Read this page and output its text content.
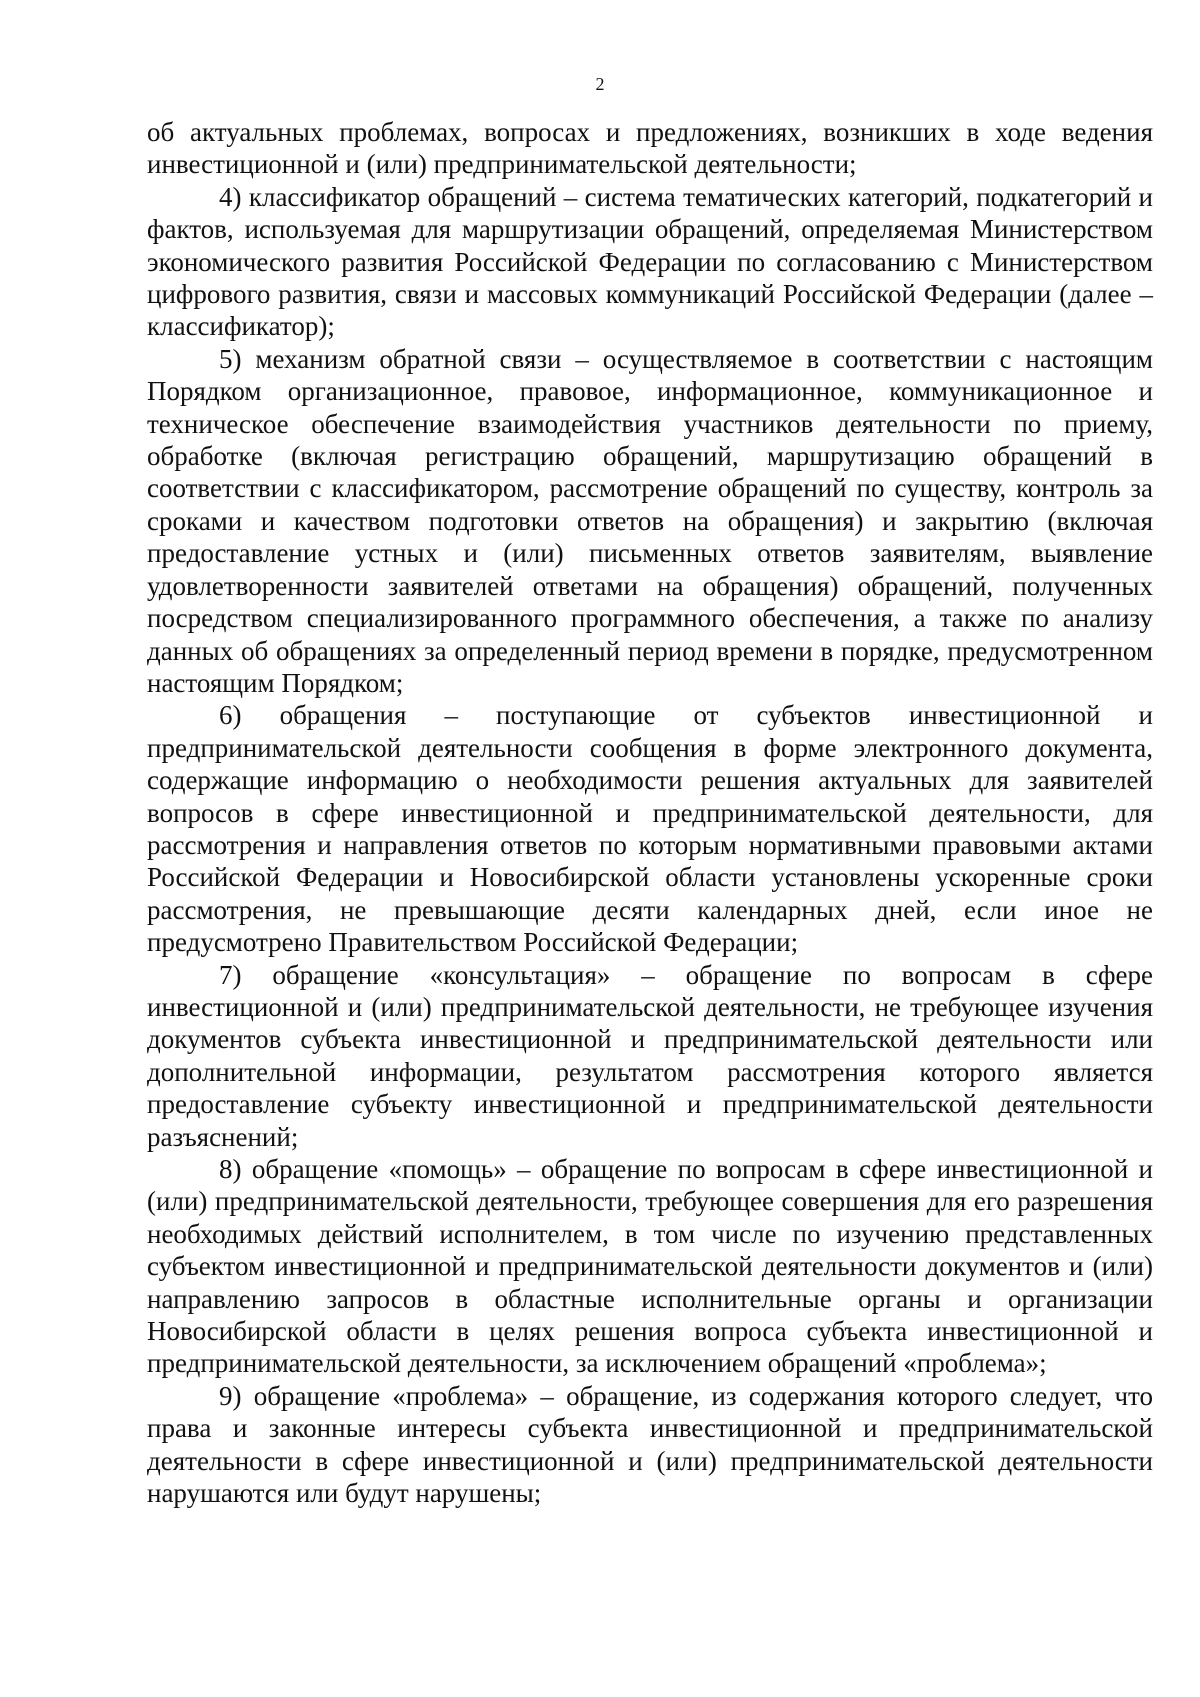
2

об актуальных проблемах, вопросах и предложениях, возникших в ходе ведения инвестиционной и (или) предпринимательской деятельности;

4) классификатор обращений – система тематических категорий, подкатегорий и фактов, используемая для маршрутизации обращений, определяемая Министерством экономического развития Российской Федерации по согласованию с Министерством цифрового развития, связи и массовых коммуникаций Российской Федерации (далее – классификатор);

5) механизм обратной связи – осуществляемое в соответствии с настоящим Порядком организационное, правовое, информационное, коммуникационное и техническое обеспечение взаимодействия участников деятельности по приему, обработке (включая регистрацию обращений, маршрутизацию обращений в соответствии с классификатором, рассмотрение обращений по существу, контроль за сроками и качеством подготовки ответов на обращения) и закрытию (включая предоставление устных и (или) письменных ответов заявителям, выявление удовлетворенности заявителей ответами на обращения) обращений, полученных посредством специализированного программного обеспечения, а также по анализу данных об обращениях за определенный период времени в порядке, предусмотренном настоящим Порядком;

6) обращения – поступающие от субъектов инвестиционной и предпринимательской деятельности сообщения в форме электронного документа, содержащие информацию о необходимости решения актуальных для заявителей вопросов в сфере инвестиционной и предпринимательской деятельности, для рассмотрения и направления ответов по которым нормативными правовыми актами Российской Федерации и Новосибирской области установлены ускоренные сроки рассмотрения, не превышающие десяти календарных дней, если иное не предусмотрено Правительством Российской Федерации;

7) обращение «консультация» – обращение по вопросам в сфере инвестиционной и (или) предпринимательской деятельности, не требующее изучения документов субъекта инвестиционной и предпринимательской деятельности или дополнительной информации, результатом рассмотрения которого является предоставление субъекту инвестиционной и предпринимательской деятельности разъяснений;

8) обращение «помощь» – обращение по вопросам в сфере инвестиционной и (или) предпринимательской деятельности, требующее совершения для его разрешения необходимых действий исполнителем, в том числе по изучению представленных субъектом инвестиционной и предпринимательской деятельности документов и (или) направлению запросов в областные исполнительные органы и организации Новосибирской области в целях решения вопроса субъекта инвестиционной и предпринимательской деятельности, за исключением обращений «проблема»;

9) обращение «проблема» – обращение, из содержания которого следует, что права и законные интересы субъекта инвестиционной и предпринимательской деятельности в сфере инвестиционной и (или) предпринимательской деятельности нарушаются или будут нарушены;
